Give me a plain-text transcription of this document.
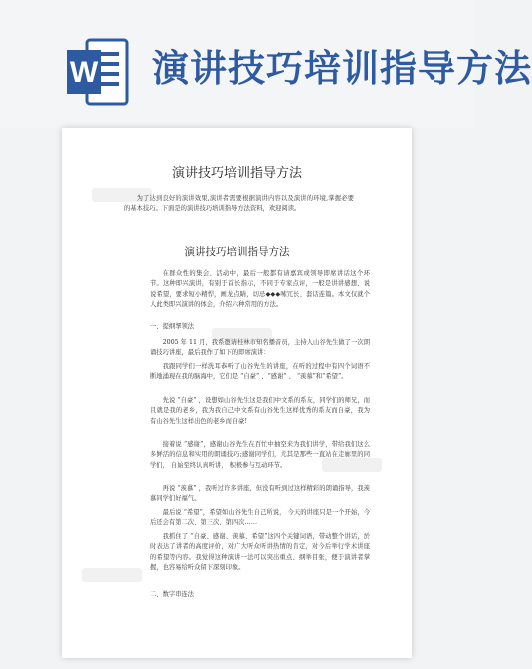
W 演讲技巧培训指导方法
演讲技巧培训指导方法

为了达到良好的演讲效果,演讲者需要根据演讲内容以及演讲的环境,掌握必要的基本技巧。下面是的演讲技巧培训指导方法资料，欢迎阅读。

演讲技巧培训指导方法

在群众性的集会、活动中，最后一般都有请嘉宾或领导即席讲话这个环节。这种即兴演讲，有别于首长指示，不同于专家点评，一般是讲讲感想、说说希望，要求短小精悍，画龙点睛，切忌◆◆◆嗦冗长、套话连篇。本文仅就个人此类即兴演讲的体会，介绍六种常用的方法。

一、提纲挈领法

2005 年 11 月，我系邀请桂林市知名播音员，主持人山谷先生做了一次朗诵技巧讲座，最后我作了如下的即席演讲：

我跟同学们一样洗耳恭听了山谷先生的讲座，在听的过程中有四个词语不断地涌现在我的脑海中，它们是 “自豪” 、“感谢” 、 “羡慕”和“希望”。

先说 “自豪” ，设想如山谷先生这是我们中文系的系友，同学们的师兄，而且就是我的老乡，我为我自己中文系有山谷先生这样优秀的系友而自豪，我为有山谷先生这样出色的老乡而自豪!

接着说 “感谢”，感谢山谷先生在百忙中抽空来为我们讲学，带给我们这么多鲜活的信息和实用的朗诵技巧;感谢同学们，尤其是那些一直站在走廊里的同学们， 自始至终认真听讲， 积极参与互动环节。

再说 “羡慕” ，我听过许多讲座，但没有听到过这样精彩的朗诵指导，我羡慕同学们好福气。

最后说 “希望”，希望如山谷先生自己所说， 今天的讲座只是一个开始，今后还会有第二次、第三次、第四次……

我抓住了 “自豪、感谢、羡慕、希望”这四个关键词语，带动整个讲话，於时表达了讲者的高度评价，对广大听众听讲热情的肯定，对今后举行学术讲座的希望等内容。我觉得这种演讲一法可以突出重点、纲举目张，便于演讲者掌握，也容易给听众留下深刻印象。

二、数字串连法
